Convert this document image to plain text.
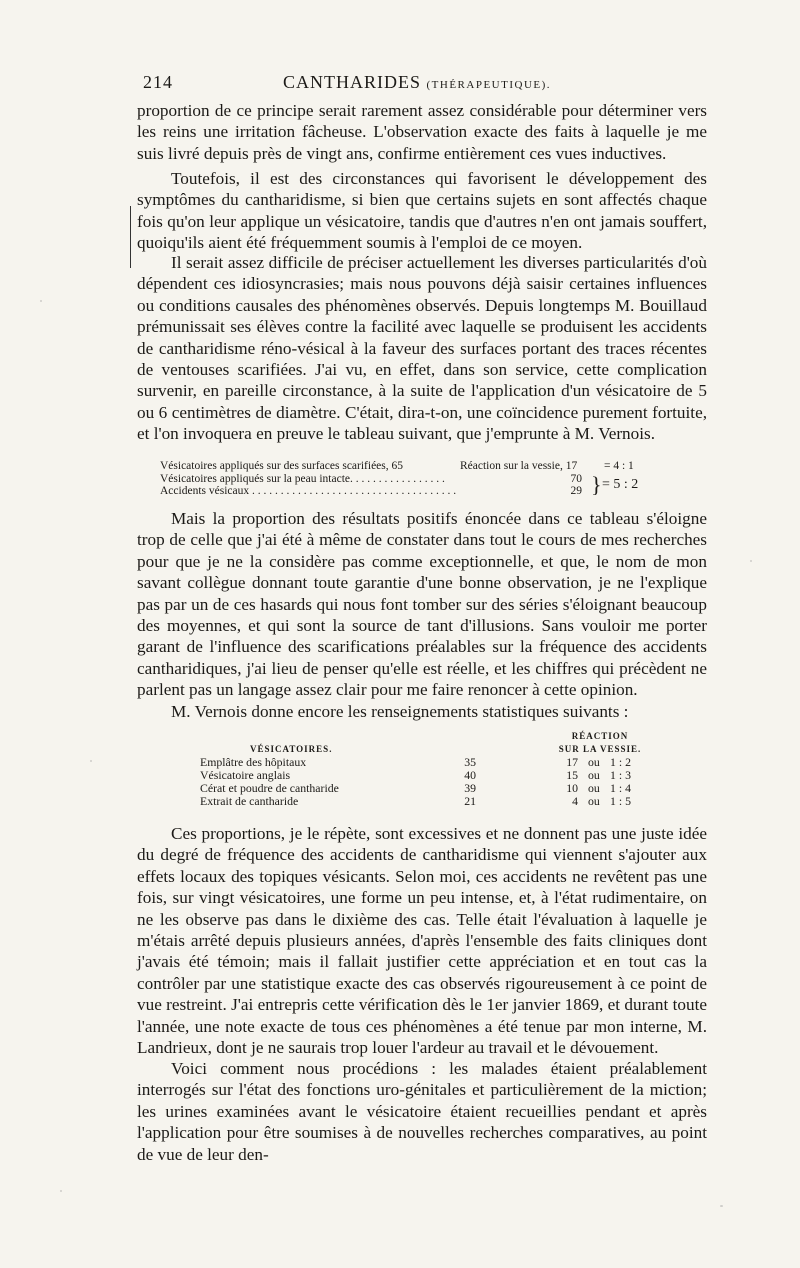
214	CANTHARIDES (THÉRAPEUTIQUE).

proportion de ce principe serait rarement assez considérable pour déterminer vers les reins une irritation fâcheuse. L'observation exacte des faits à laquelle je me suis livré depuis près de vingt ans, confirme entièrement ces vues inductives.

Toutefois, il est des circonstances qui favorisent le développement des symptômes du cantharidisme, si bien que certains sujets en sont affectés chaque fois qu'on leur applique un vésicatoire, tandis que d'autres n'en ont jamais souffert, quoiqu'ils aient été fréquemment soumis à l'emploi de ce moyen.

Il serait assez difficile de préciser actuellement les diverses particularités d'où dépendent ces idiosyncrasies; mais nous pouvons déjà saisir certaines influences ou conditions causales des phénomènes observés. Depuis longtemps M. Bouillaud prémunissait ses élèves contre la facilité avec laquelle se produisent les accidents de cantharidisme réno-vésical à la faveur des surfaces portant des traces récentes de ventouses scarifiées. J'ai vu, en effet, dans son service, cette complication survenir, en pareille circonstance, à la suite de l'application d'un vésicatoire de 5 ou 6 centimètres de diamètre. C'était, dira-t-on, une coïncidence purement fortuite, et l'on invoquera en preuve le tableau suivant, que j'emprunte à M. Vernois.

Vésicatoires appliqués sur des surfaces scarifiées, 65	Réaction sur la vessie, 17 = 4 : 1
Vésicatoires appliqués sur la peau intacte. . . . . . . . . . . . . . . . .	70
Accidents vésicaux . . . . . . . . . . . . . . . . . . . . . . . . . . . . . . . . . . . .	29 } = 5 : 2

Mais la proportion des résultats positifs énoncée dans ce tableau s'éloigne trop de celle que j'ai été à même de constater dans tout le cours de mes recherches pour que je ne la considère pas comme exceptionnelle, et que, le nom de mon savant collègue donnant toute garantie d'une bonne observation, je ne l'explique pas par un de ces hasards qui nous font tomber sur des séries s'éloignant beaucoup des moyennes, et qui sont la source de tant d'illusions. Sans vouloir me porter garant de l'influence des scarifications préalables sur la fréquence des accidents cantharidiques, j'ai lieu de penser qu'elle est réelle, et les chiffres qui précèdent ne parlent pas un langage assez clair pour me faire renoncer à cette opinion.

M. Vernois donne encore les renseignements statistiques suivants :

VÉSICATOIRES.
RÉACTION
SUR LA VESSIE.
Emplâtre des hôpitaux	35	17 ou 1 : 2
Vésicatoire anglais	40	15 ou 1 : 3
Cérat et poudre de cantharide	39	10 ou 1 : 4
Extrait de cantharide	21	4 ou 1 : 5

Ces proportions, je le répète, sont excessives et ne donnent pas une juste idée du degré de fréquence des accidents de cantharidisme qui viennent s'ajouter aux effets locaux des topiques vésicants. Selon moi, ces accidents ne revêtent pas une fois, sur vingt vésicatoires, une forme un peu intense, et, à l'état rudimentaire, on ne les observe pas dans le dixième des cas. Telle était l'évaluation à laquelle je m'étais arrêté depuis plusieurs années, d'après l'ensemble des faits cliniques dont j'avais été témoin; mais il fallait justifier cette appréciation et en tout cas la contrôler par une statistique exacte des cas observés rigoureusement à ce point de vue restreint. J'ai entrepris cette vérification dès le 1er janvier 1869, et durant toute l'année, une note exacte de tous ces phénomènes a été tenue par mon interne, M. Landrieux, dont je ne saurais trop louer l'ardeur au travail et le dévouement.

Voici comment nous procédions : les malades étaient préalablement interrogés sur l'état des fonctions uro-génitales et particulièrement de la miction; les urines examinées avant le vésicatoire étaient recueillies pendant et après l'application pour être soumises à de nouvelles recherches comparatives, au point de vue de leur den-
